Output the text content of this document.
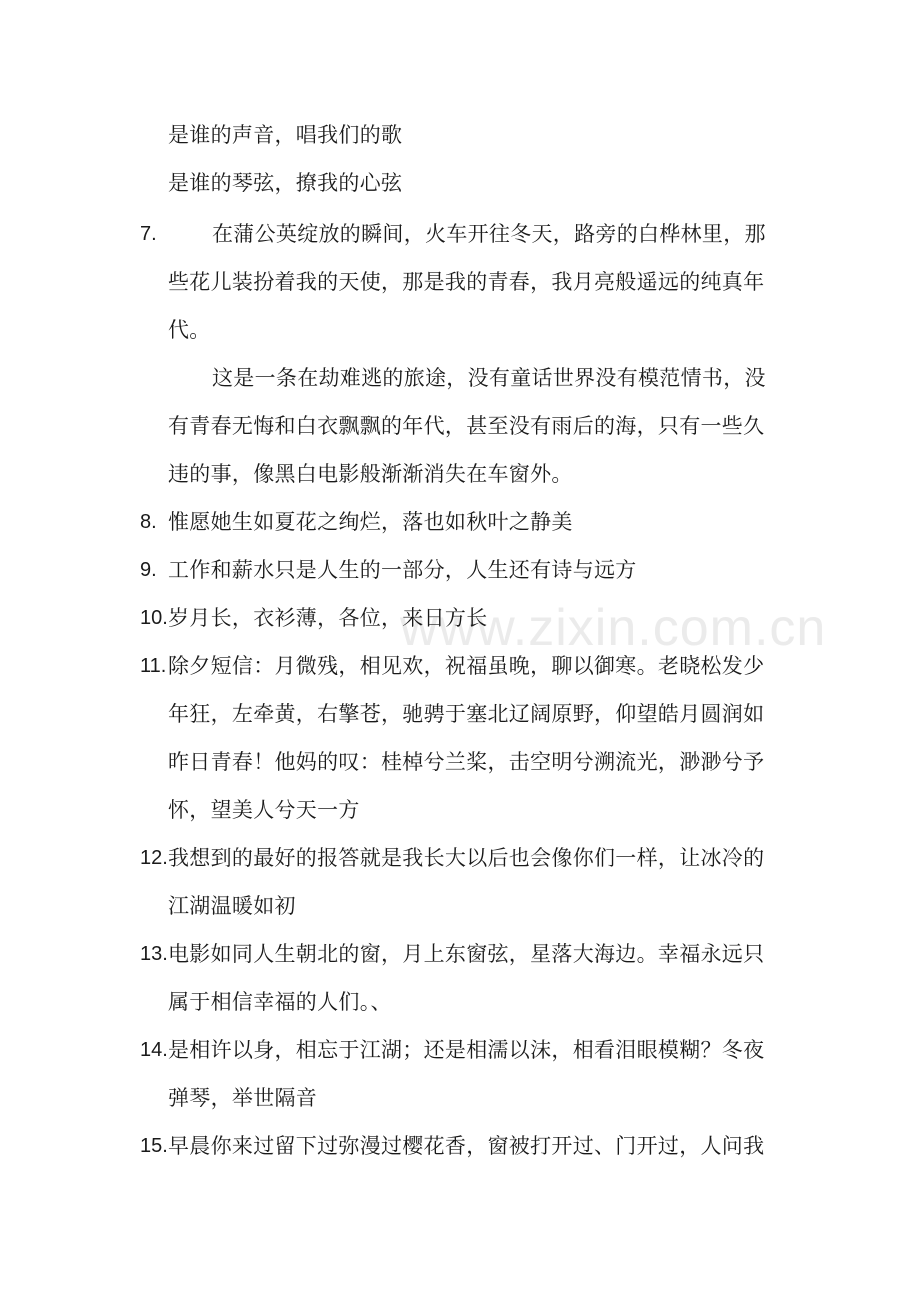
www.zixin.com.cn
是谁的声音，唱我们的歌
是谁的琴弦，撩我的心弦
7.	在蒲公英绽放的瞬间，火车开往冬天，路旁的白桦林里，那
些花儿装扮着我的天使，那是我的青春，我月亮般遥远的纯真年
代。
这是一条在劫难逃的旅途，没有童话世界没有模范情书，没
有青春无悔和白衣飘飘的年代，甚至没有雨后的海，只有一些久
违的事，像黑白电影般渐渐消失在车窗外。
8. 惟愿她生如夏花之绚烂，落也如秋叶之静美
9. 工作和薪水只是人生的一部分，人生还有诗与远方
10. 岁月长，衣衫薄，各位，来日方长
11. 除夕短信：月微残，相见欢，祝福虽晚，聊以御寒。老晓松发少
年狂，左牵黄，右擎苍，驰骋于塞北辽阔原野，仰望皓月圆润如
昨日青春！他妈的叹：桂棹兮兰桨，击空明兮溯流光，渺渺兮予
怀，望美人兮天一方
12. 我想到的最好的报答就是我长大以后也会像你们一样，让冰冷的
江湖温暖如初
13. 电影如同人生朝北的窗，月上东窗弦，星落大海边。幸福永远只
属于相信幸福的人们。、
14. 是相许以身，相忘于江湖；还是相濡以沫，相看泪眼模糊？冬夜
弹琴，举世隔音
15. 早晨你来过留下过弥漫过樱花香，窗被打开过、门开过，人问我
